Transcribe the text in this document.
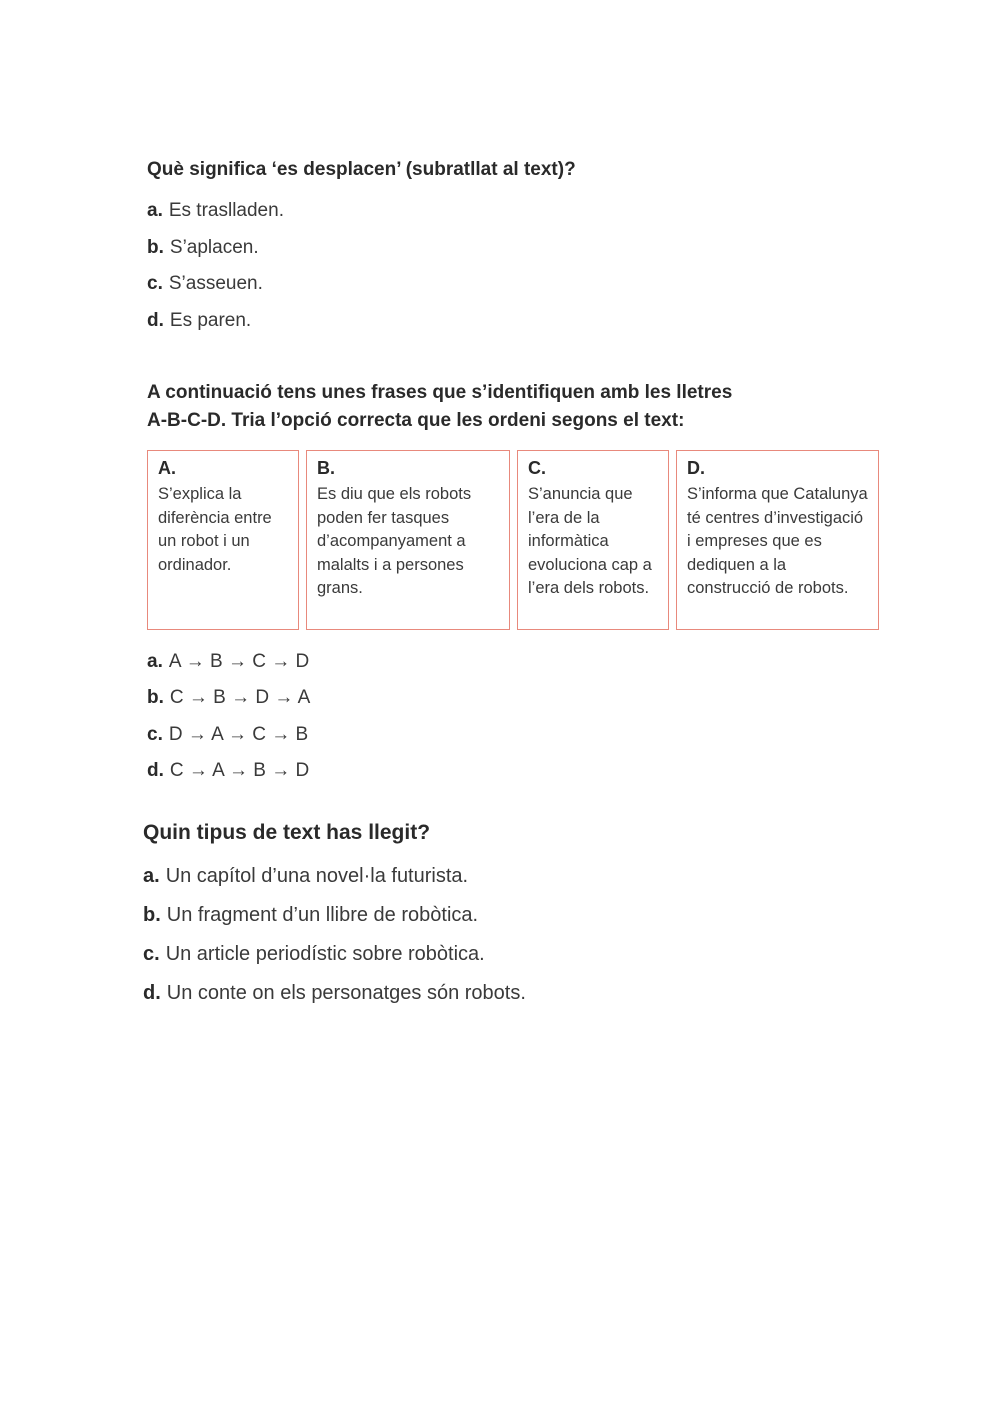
Què significa ‘es desplacen’ (subratllat al text)?

a. Es traslladen.

b. S’aplacen.

c. S’asseuen.

d. Es paren.

A continuació tens unes frases que s’identifiquen amb les lletres
A-B-C-D. Tria l’opció correcta que les ordeni segons el text:
A.
S’explica la diferència entre un robot i un ordinador.
B.
Es diu que els robots poden fer tasques d’acompanyament a malalts i a persones grans.
C.
S’anuncia que l’era de la informàtica evoluciona cap a l’era dels robots.
D.
S’informa que Catalunya té centres d’investigació i empreses que es dediquen a la construcció de robots.

a. A → B → C → D

b. C → B → D → A

c. D → A → C → B

d. C → A → B → D

Quin tipus de text has llegit?

a. Un capítol d’una novel·la futurista.

b. Un fragment d’un llibre de robòtica.

c. Un article periodístic sobre robòtica.

d. Un conte on els personatges són robots.
